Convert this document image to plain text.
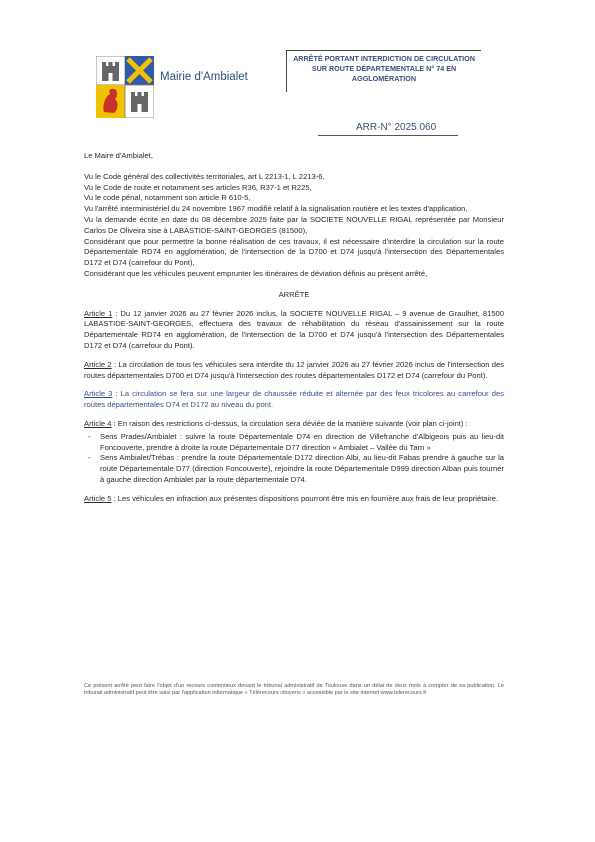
Mairie d'Ambialet
ARRÊTÉ PORTANT INTERDICTION DE CIRCULATION
SUR ROUTE DÉPARTEMENTALE N° 74 EN
AGGLOMÉRATION
ARR-N° 2025 060

Le Maire d'Ambialet,

Vu le Code général des collectivités territoriales, art L 2213-1, L 2213-6,

Vu le Code de route et notamment ses articles R36, R37-1 et R225,

Vu le code pénal, notamment son article R 610-5,

Vu l'arrêté interministériel du 24 novembre 1967 modifié relatif à la signalisation routière et les textes d'application,

Vu la demande écrite en date du 08 décembre 2025 faite par la SOCIETE NOUVELLE RIGAL représentée par Monsieur Carlos De Oliveira sise à LABASTIDE-SAINT-GEORGES (81500),

Considérant que pour permettre la bonne réalisation de ces travaux, il est nécessaire d'interdire la circulation sur la route Départementale RD74 en agglomération, de l'intersection de la D700 et D74 jusqu'à l'intersection des Départementales D172 et D74 (carrefour du Pont),

Considérant que les véhicules peuvent emprunter les itinéraires de déviation définis au présent arrêté,

ARRÊTE

Article 1 : Du 12 janvier 2026 au 27 février 2026 inclus, la SOCIETE NOUVELLE RIGAL – 9 avenue de Graulhet, 81500 LABASTIDE-SAINT-GEORGES, effectuera des travaux de réhabilitation du réseau d'assainissement sur la route Départementale RD74 en agglomération, de l'intersection de la D700 et D74 jusqu'à l'intersection des Départementales D172 et D74 (carrefour du Pont).

Article 2 : La circulation de tous les véhicules sera interdite du 12 janvier 2026 au 27 février 2026 inclus de l'intersection des routes départementales D700 et D74 jusqu'à l'intersection des routes départementales D172 et D74 (carrefour du Pont).

Article 3 : La circulation se fera sur une largeur de chaussée réduite et alternée par des feux tricolores au carrefour des routes départementales D74 et D172 au niveau du pont.

Article 4 : En raison des restrictions ci-dessus, la circulation sera déviée de la manière suivante (voir plan ci-joint) :

- Sens Prades/Ambialet : suivre la route Départementale D74 en direction de Villefranche d'Albigeois puis au lieu-dit Foncouverte, prendre à droite la route Départementale D77 direction « Ambialet – Vallée du Tarn »
- Sens Ambialet/Trébas : prendre la route Départementale D172 direction Albi, au lieu-dit Fabas prendre à gauche sur la route Départementale D77 (direction Foncouverte), rejoindre la route Départementale D999 direction Alban puis tourner à gauche direction Ambialet par la route départementale D74.

Article 5 : Les véhicules en infraction aux présentes dispositions pourront être mis en fourrière aux frais de leur propriétaire.

Ce présent arrêté peut faire l'objet d'un recours contentieux devant le tribunal administratif de Toulouse dans un délai de deux mois à compter de sa publication. Le tribunal administratif peut être saisi par l'application informatique « Télérecours citoyens » accessible par le site internet www.telerecours.fr
